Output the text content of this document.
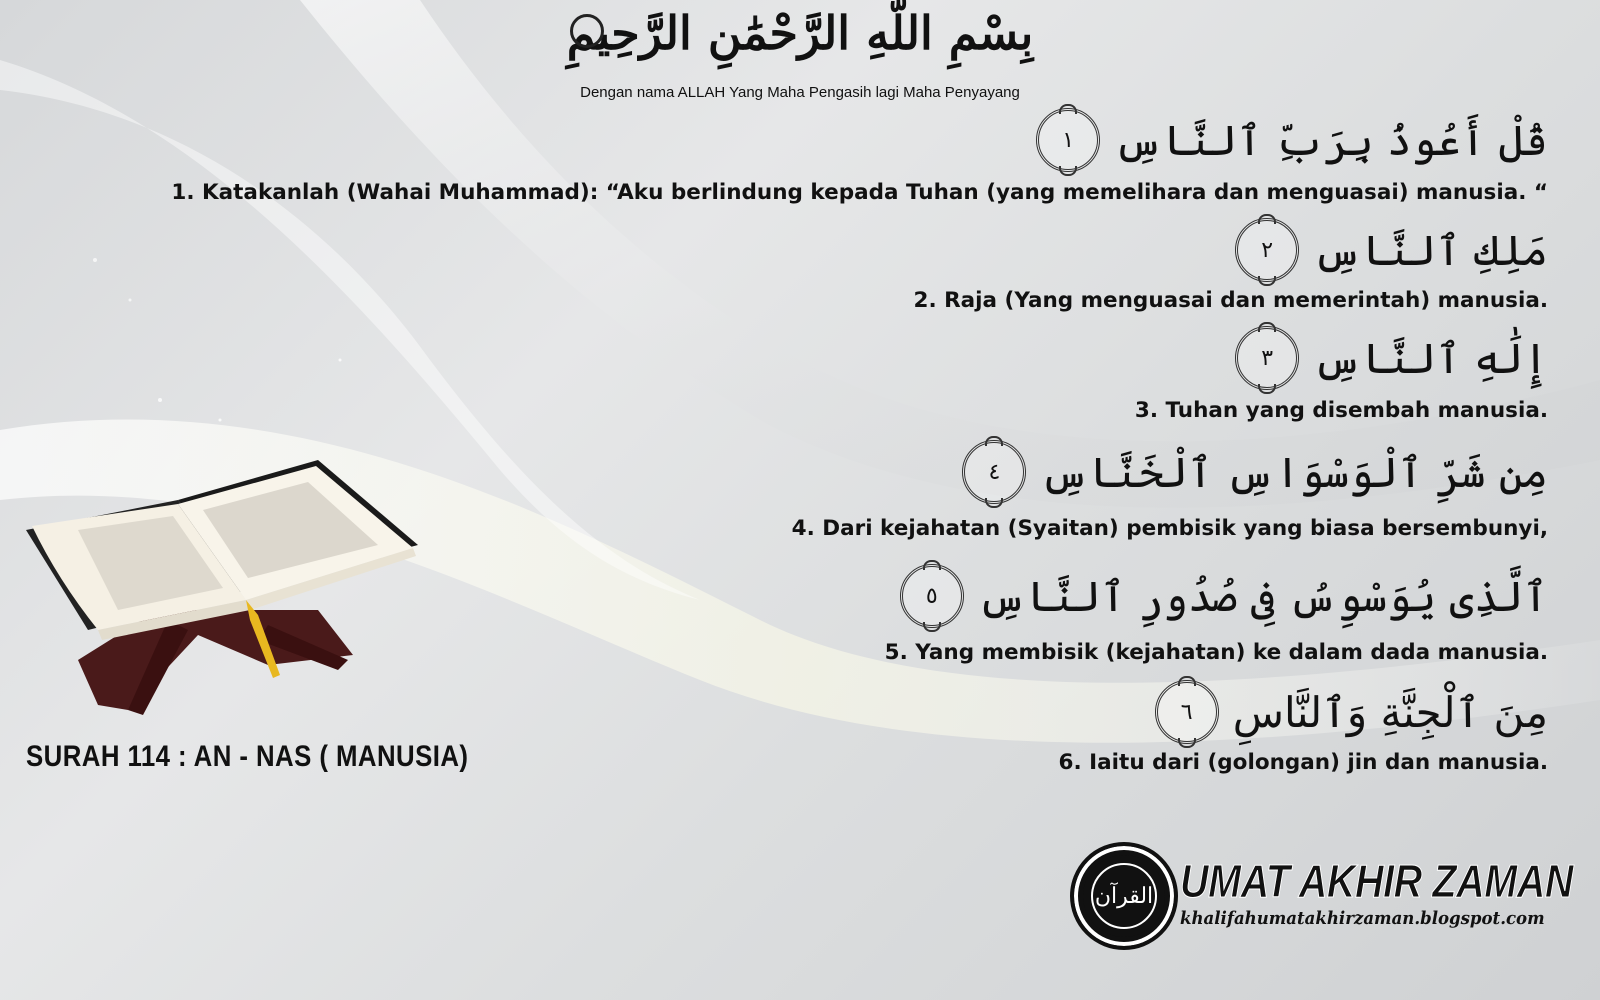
بِسْمِ اللَّهِ الرَّحْمَٰنِ الرَّحِيمِ
Dengan nama ALLAH Yang Maha Pengasih lagi Maha Penyayang
قُلْ أَعُوذُ بِرَبِّ ٱلنَّاسِ
١
1. Katakanlah (Wahai Muhammad): “Aku berlindung kepada Tuhan (yang memelihara dan menguasai) manusia. “
مَلِكِ ٱلنَّاسِ
٢
2. Raja (Yang menguasai dan memerintah) manusia.
إِلَٰهِ ٱلنَّاسِ
٣
3. Tuhan yang disembah manusia.
مِن شَرِّ ٱلْوَسْوَاسِ ٱلْخَنَّاسِ
٤
4. Dari kejahatan (Syaitan) pembisik yang biasa bersembunyi,
ٱلَّذِى يُوَسْوِسُ فِى صُدُورِ ٱلنَّاسِ
٥
5. Yang membisik (kejahatan) ke dalam dada manusia.
مِنَ ٱلْجِنَّةِ وَٱلنَّاسِ
٦
6. Iaitu dari (golongan) jin dan manusia.
SURAH 114 : AN - NAS ( MANUSIA)
القرآن UMAT AKHIR ZAMAN
khalifahumatakhirzaman.blogspot.com
